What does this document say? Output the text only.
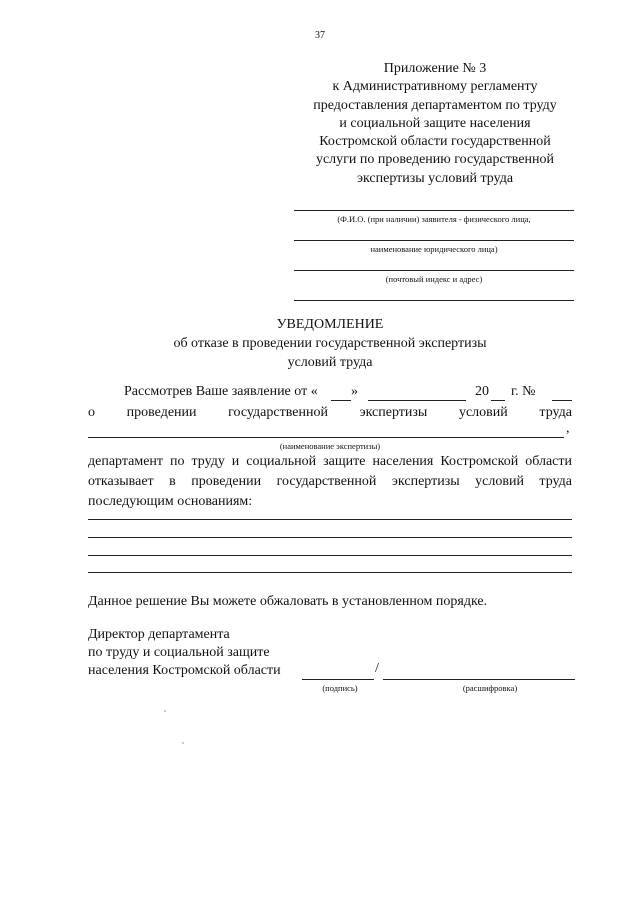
37
Приложение № 3
к Административному регламенту
предоставления департаментом по труду
и социальной защите населения
Костромской области государственной
услуги по проведению государственной
экспертизы условий труда
(Ф.И.О. (при наличии) заявителя - физического лица,
наименование юридического лица)
(почтовый индекс и адрес)
УВЕДОМЛЕНИЕ
об отказе в проведении государственной экспертизы
условий труда
Рассмотрев Ваше заявление от « »	20 г. №
о проведении государственной экспертизы условий труда
,
(наименование экспертизы)
департамент по труду и социальной защите населения Костромской области отказывает в проведении государственной экспертизы условий труда последующим основаниям:
Данное решение Вы можете обжаловать в установленном порядке.
Директор департамента
по труду и социальной защите
населения Костромской области	/
(подпись)	(расшифровка)
